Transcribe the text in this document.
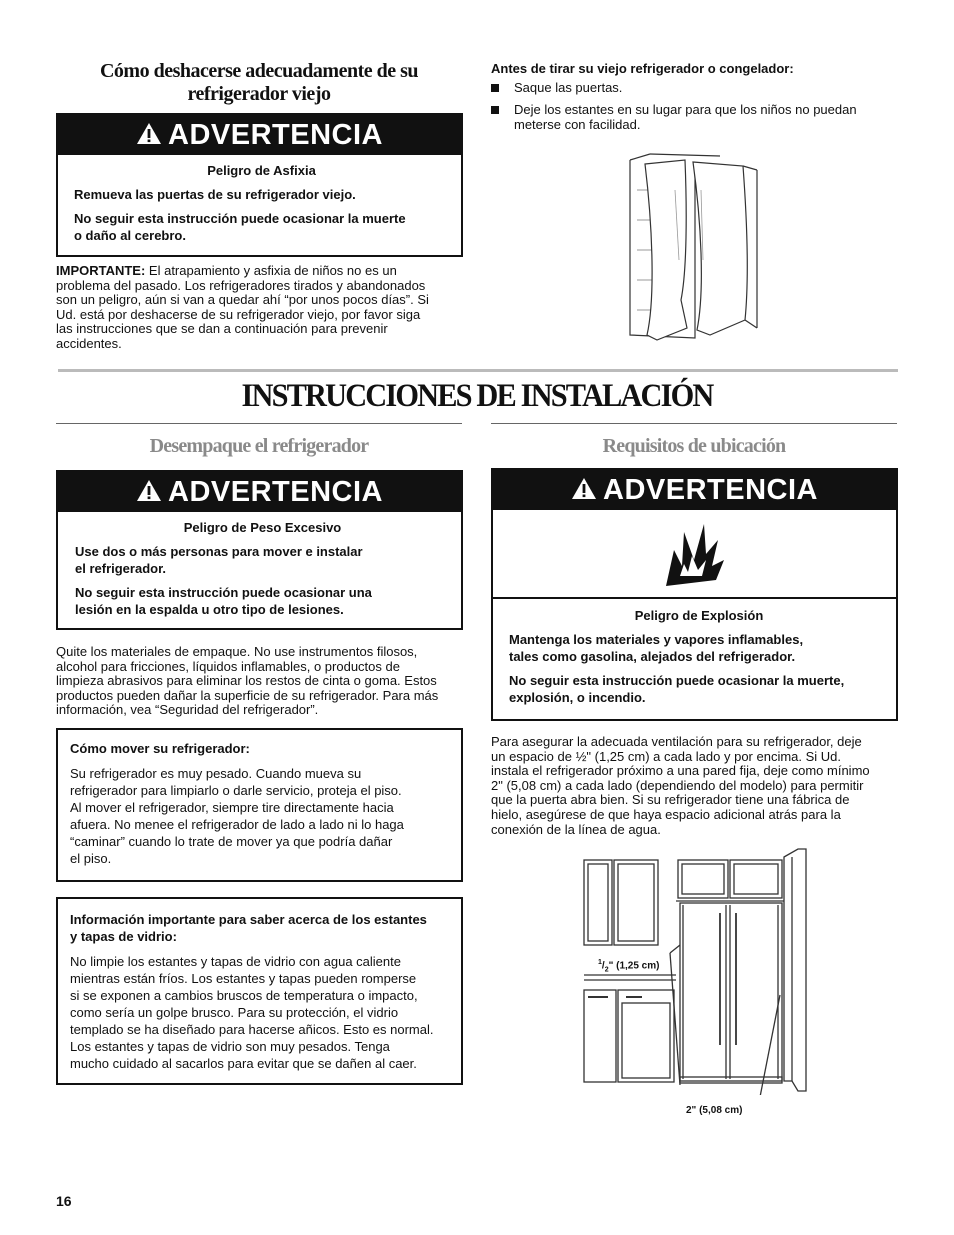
Cómo deshacerse adecuadamente de su
refrigerador viejo
ADVERTENCIA

Peligro de Asfixia

Remueva las puertas de su refrigerador viejo.

No seguir esta instrucción puede ocasionar la muerte

o daño al cerebro.

IMPORTANTE: El atrapamiento y asfixia de niños no es un
problema del pasado. Los refrigeradores tirados y abandonados
son un peligro, aún si van a quedar ahí “por unos pocos días”. Si
Ud. está por deshacerse de su refrigerador viejo, por favor siga
las instrucciones que se dan a continuación para prevenir
accidentes.
Antes de tirar su viejo refrigerador o congelador:
Saque las puertas.
Deje los estantes en su lugar para que los niños no puedan
meterse con facilidad.
INSTRUCCIONES DE INSTALACIÓN
Desempaque el refrigerador
ADVERTENCIA

Peligro de Peso Excesivo

Use dos o más personas para mover e instalar

el refrigerador.

No seguir esta instrucción puede ocasionar una

lesión en la espalda u otro tipo de lesiones.

Quite los materiales de empaque. No use instrumentos filosos,
alcohol para fricciones, líquidos inflamables, o productos de
limpieza abrasivos para eliminar los restos de cinta o goma. Estos
productos pueden dañar la superficie de su refrigerador. Para más
información, vea “Seguridad del refrigerador”.
Cómo mover su refrigerador:
Su refrigerador es muy pesado. Cuando mueva su
refrigerador para limpiarlo o darle servicio, proteja el piso.
Al mover el refrigerador, siempre tire directamente hacia
afuera. No menee el refrigerador de lado a lado ni lo haga
“caminar” cuando lo trate de mover ya que podría dañar
el piso.
Información importante para saber acerca de los estantes
y tapas de vidrio:
No limpie los estantes y tapas de vidrio con agua caliente
mientras están fríos. Los estantes y tapas pueden romperse
si se exponen a cambios bruscos de temperatura o impacto,
como sería un golpe brusco. Para su protección, el vidrio
templado se ha diseñado para hacerse añicos. Esto es normal.
Los estantes y tapas de vidrio son muy pesados. Tenga
mucho cuidado al sacarlos para evitar que se dañen al caer.
Requisitos de ubicación
ADVERTENCIA

Peligro de Explosión

Mantenga los materiales y vapores inflamables,

tales como gasolina, alejados del refrigerador.

No seguir esta instrucción puede ocasionar la muerte,

explosión, o incendio.

Para asegurar la adecuada ventilación para su refrigerador, deje
un espacio de ½" (1,25 cm) a cada lado y por encima. Si Ud.
instala el refrigerador próximo a una pared fija, deje como mínimo
2" (5,08 cm) a cada lado (dependiendo del modelo) para permitir
que la puerta abra bien. Si su refrigerador tiene una fábrica de
hielo, asegúrese de que haya espacio adicional atrás para la
conexión de la línea de agua.
$^1/_2$" (1,25 cm)
2" (5,08 cm)
16
